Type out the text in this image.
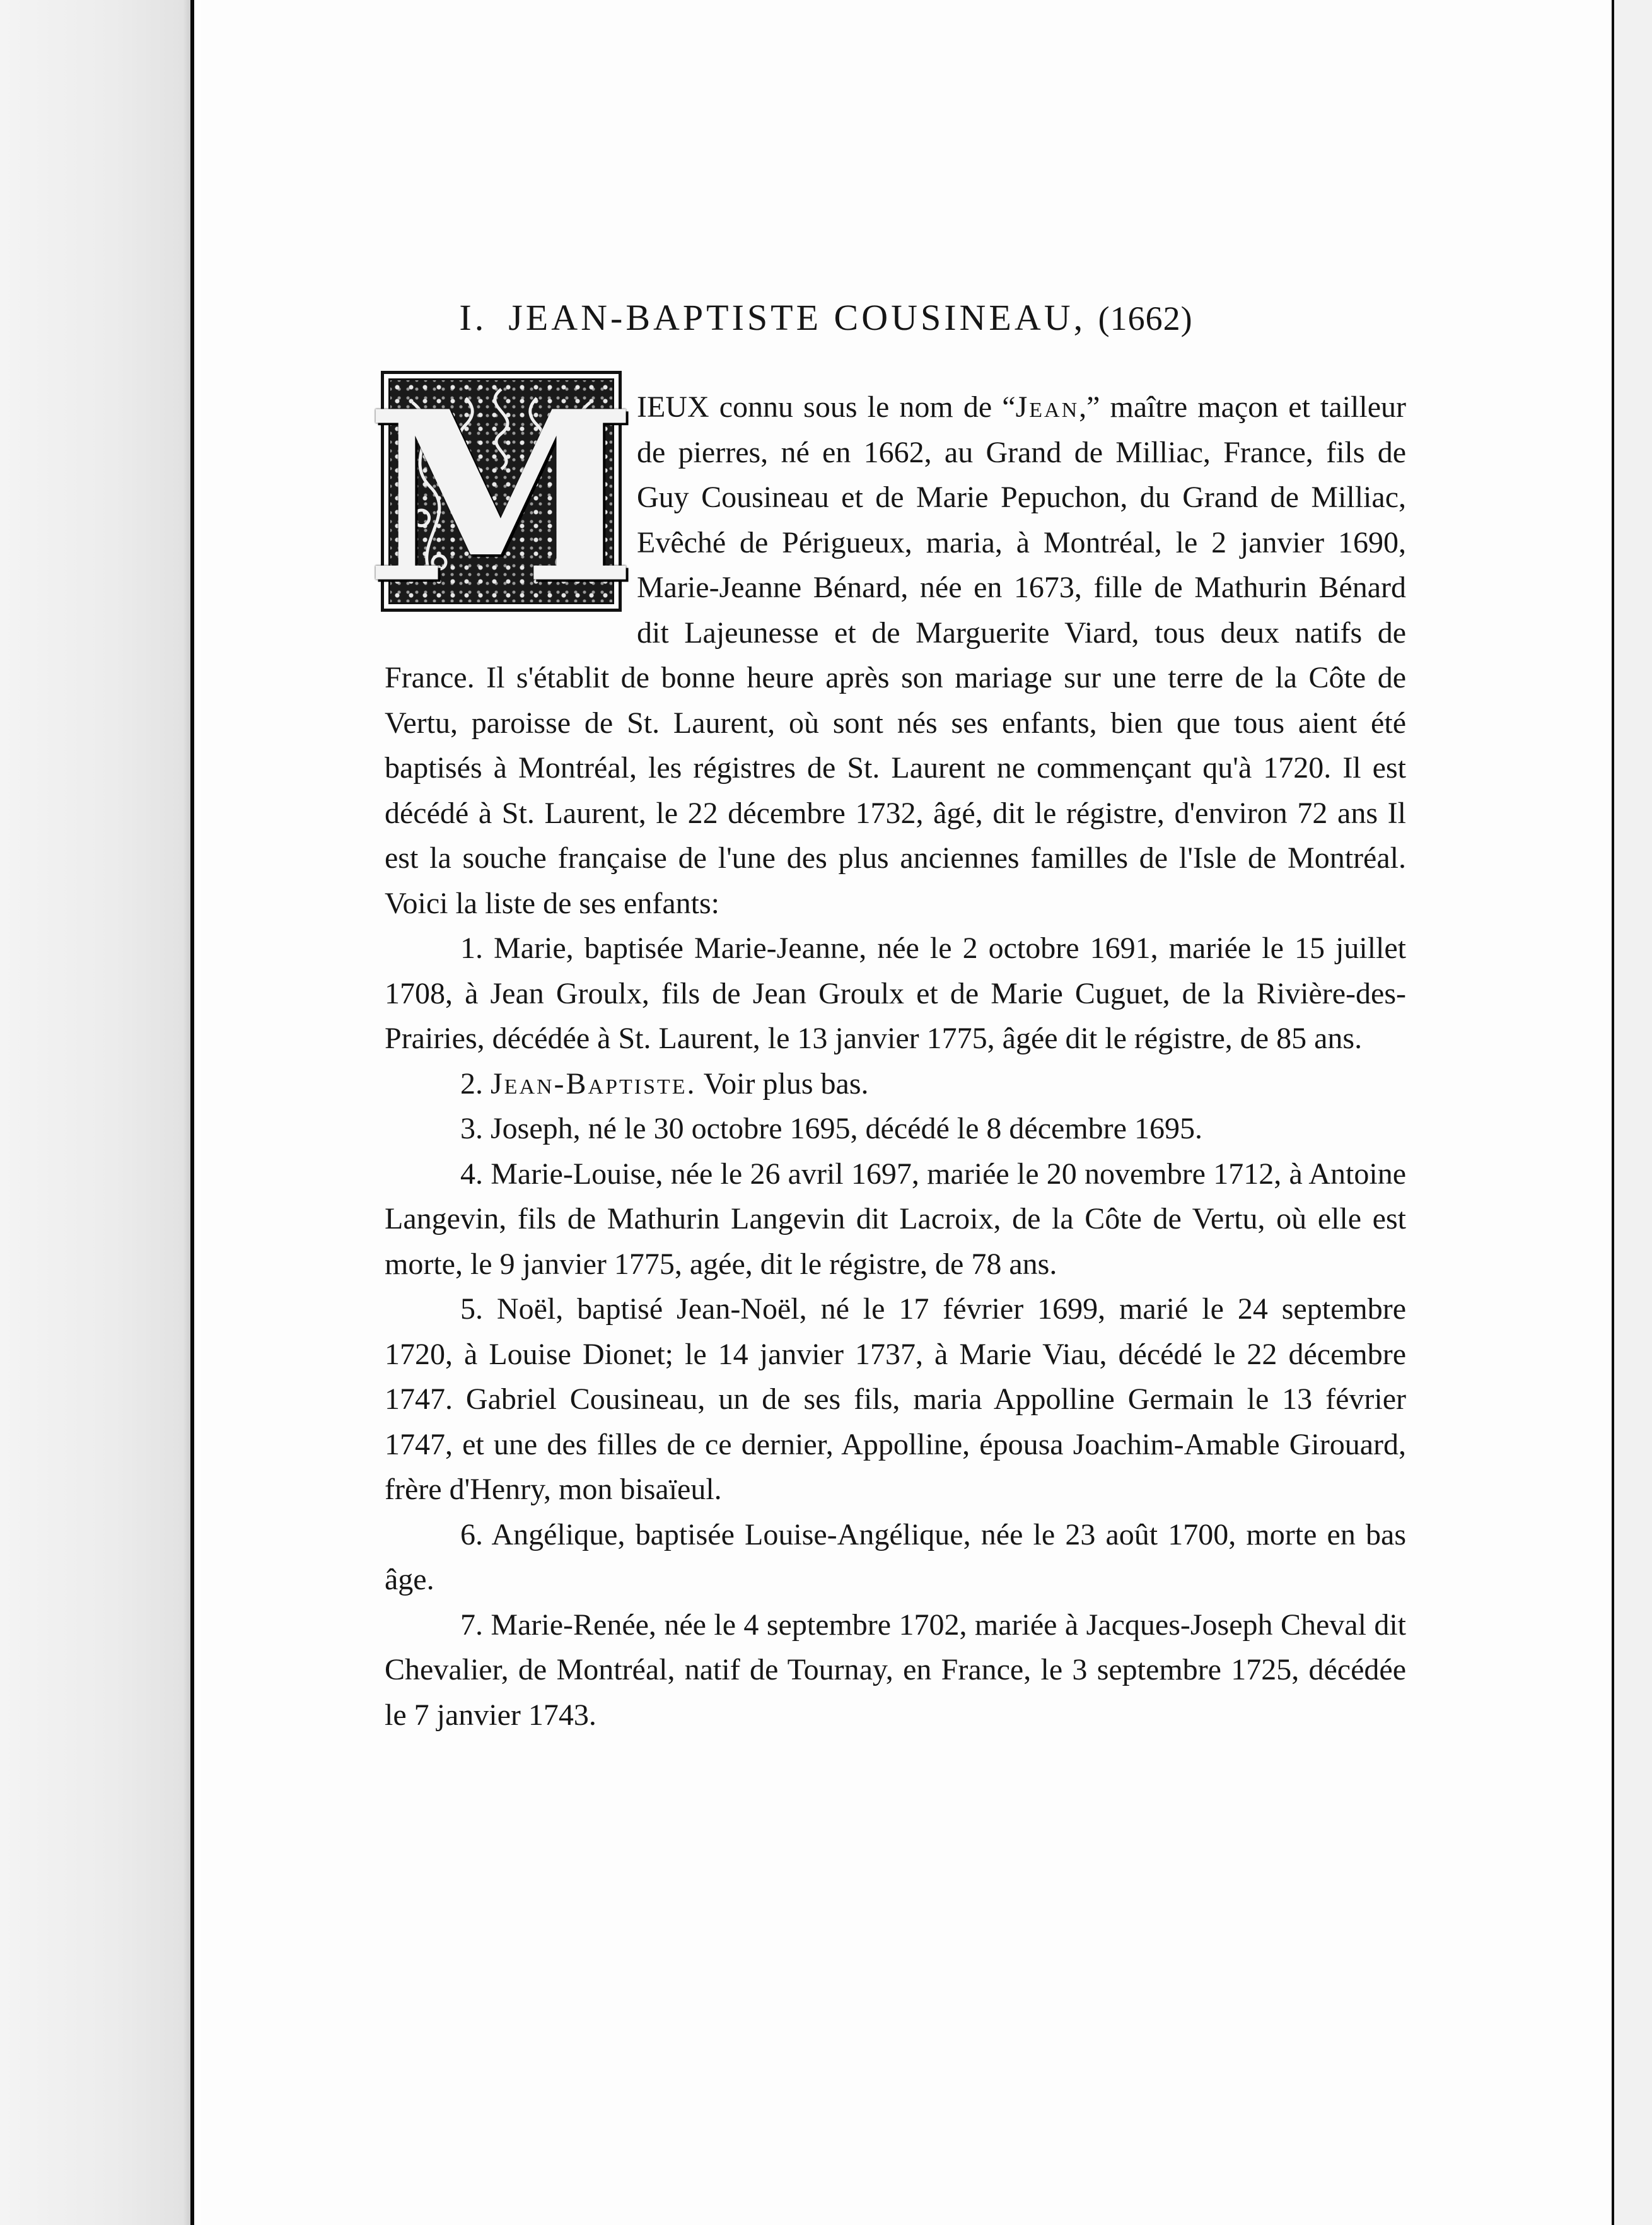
I. JEAN-BAPTISTE COUSINEAU, (1662)
M IEUX connu sous le nom de “Jean,” maître maçon et tailleur de pierres, né en 1662, au Grand de Milliac, France, fils de Guy Cousineau et de Marie Pepuchon, du Grand de Milliac, Evêché de Périgueux, maria, à Montréal, le 2 janvier 1690, Marie-Jeanne Bénard, née en 1673, fille de Mathurin Bénard dit Lajeunesse et de Marguerite Viard, tous deux natifs de France. Il s'établit de bonne heure après son mariage sur une terre de la Côte de Vertu, paroisse de St. Laurent, où sont nés ses enfants, bien que tous aient été baptisés à Montréal, les régistres de St. Laurent ne commençant qu'à 1720. Il est décédé à St. Laurent, le 22 décembre 1732, âgé, dit le régistre, d'environ 72 ans Il est la souche française de l'une des plus anciennes familles de l'Isle de Montréal. Voici la liste de ses enfants:

1. Marie, baptisée Marie-Jeanne, née le 2 octobre 1691, mariée le 15 juillet 1708, à Jean Groulx, fils de Jean Groulx et de Marie Cuguet, de la Rivière-des-Prairies, décédée à St. Laurent, le 13 janvier 1775, âgée dit le régistre, de 85 ans.

2. Jean-Baptiste. Voir plus bas.

3. Joseph, né le 30 octobre 1695, décédé le 8 décembre 1695.

4. Marie-Louise, née le 26 avril 1697, mariée le 20 novembre 1712, à Antoine Langevin, fils de Mathurin Langevin dit Lacroix, de la Côte de Vertu, où elle est morte, le 9 janvier 1775, agée, dit le régistre, de 78 ans.

5. Noël, baptisé Jean-Noël, né le 17 février 1699, marié le 24 septembre 1720, à Louise Dionet; le 14 janvier 1737, à Marie Viau, décédé le 22 décembre 1747. Gabriel Cousineau, un de ses fils, maria Appolline Germain le 13 février 1747, et une des filles de ce dernier, Appolline, épousa Joachim-Amable Girouard, frère d'Henry, mon bisaïeul.

6. Angélique, baptisée Louise-Angélique, née le 23 août 1700, morte en bas âge.

7. Marie-Renée, née le 4 septembre 1702, mariée à Jacques-Joseph Cheval dit Chevalier, de Montréal, natif de Tournay, en France, le 3 septembre 1725, décédée le 7 janvier 1743.
